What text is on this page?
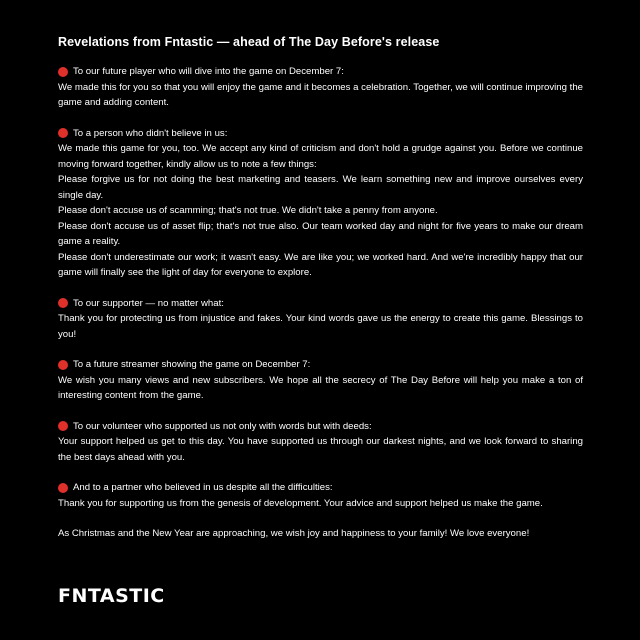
Revelations from Fntastic — ahead of The Day Before's release
To our future player who will dive into the game on December 7:
We made this for you so that you will enjoy the game and it becomes a celebration. Together, we will continue improving the game and adding content.
To a person who didn't believe in us:
We made this game for you, too. We accept any kind of criticism and don't hold a grudge against you. Before we continue moving forward together, kindly allow us to note a few things:
Please forgive us for not doing the best marketing and teasers. We learn something new and improve ourselves every single day.
Please don't accuse us of scamming; that's not true. We didn't take a penny from anyone.
Please don't accuse us of asset flip; that's not true also. Our team worked day and night for five years to make our dream game a reality.
Please don't underestimate our work; it wasn't easy. We are like you; we worked hard. And we're incredibly happy that our game will finally see the light of day for everyone to explore.
To our supporter — no matter what:
Thank you for protecting us from injustice and fakes. Your kind words gave us the energy to create this game. Blessings to you!
To a future streamer showing the game on December 7:
We wish you many views and new subscribers. We hope all the secrecy of The Day Before will help you make a ton of interesting content from the game.
To our volunteer who supported us not only with words but with deeds:
Your support helped us get to this day. You have supported us through our darkest nights, and we look forward to sharing the best days ahead with you.
And to a partner who believed in us despite all the difficulties:
Thank you for supporting us from the genesis of development. Your advice and support helped us make the game.
As Christmas and the New Year are approaching, we wish joy and happiness to your family! We love everyone!
FNTASTIC
